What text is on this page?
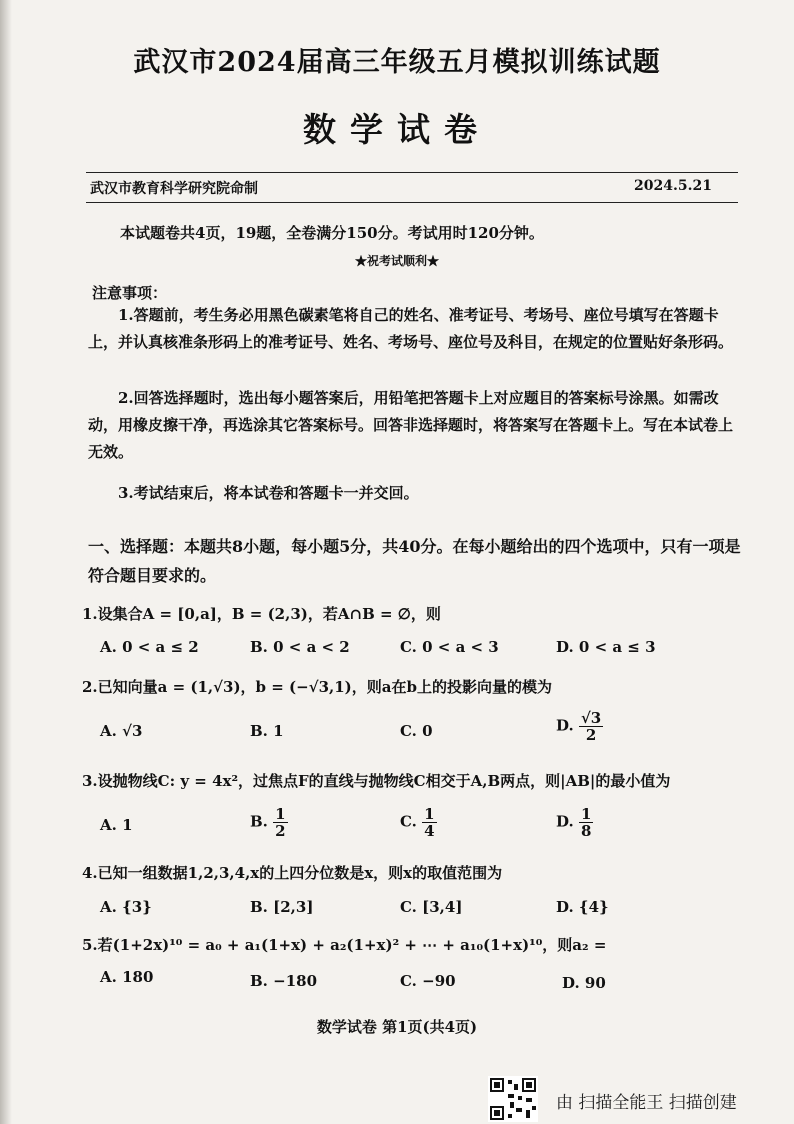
武汉市2024届高三年级五月模拟训练试题
数学试卷
武汉市教育科学研究院命制	2024.5.21
本试题卷共4页，19题，全卷满分150分。考试用时120分钟。
★祝考试顺利★
注意事项：

1.答题前，考生务必用黑色碳素笔将自己的姓名、准考证号、考场号、座位号填写在答题卡上，并认真核准条形码上的准考证号、姓名、考场号、座位号及科目，在规定的位置贴好条形码。

2.回答选择题时，选出每小题答案后，用铅笔把答题卡上对应题目的答案标号涂黑。如需改动，用橡皮擦干净，再选涂其它答案标号。回答非选择题时，将答案写在答题卡上。写在本试卷上无效。

3.考试结束后，将本试卷和答题卡一并交回。

一、选择题：本题共8小题，每小题5分，共40分。在每小题给出的四个选项中，只有一项是符合题目要求的。
1.设集合A = [0,a]，B = (2,3)，若A∩B = ∅，则
A. 0 < a ≤ 2	B. 0 < a < 2	C. 0 < a < 3	D. 0 < a ≤ 3
2.已知向量a = (1,√3)，b = (−√3,1)，则a在b上的投影向量的模为
A. √3	B. 1	C. 0	D. $\frac{√3}{2}$
3.设抛物线C: y = 4x²，过焦点F的直线与抛物线C相交于A,B两点，则|AB|的最小值为
A. 1	B. $\frac{1}{2}$	C. $\frac{1}{4}$	D. $\frac{1}{8}$
4.已知一组数据1,2,3,4,x的上四分位数是x，则x的取值范围为
A. {3}	B. [2,3]	C. [3,4]	D. {4}
5.若(1+2x)¹⁰ = a₀ + a₁(1+x) + a₂(1+x)² + ⋯ + a₁₀(1+x)¹⁰，则a₂ =
A. 180	B. −180	C. −90	D. 90
数学试卷 第1页(共4页)
由 扫描全能王 扫描创建
